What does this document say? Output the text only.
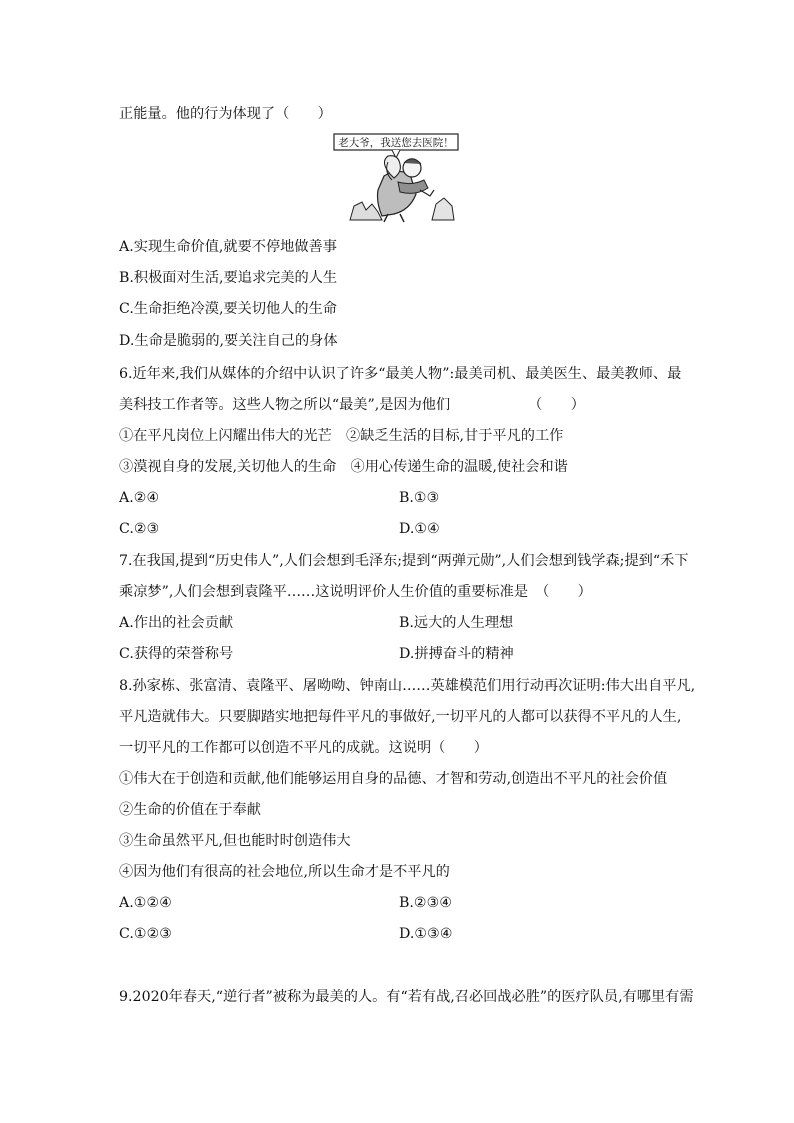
正能量。他的行为体现了（　　）
老大爷，我送您去医院！
A.实现生命价值,就要不停地做善事
B.积极面对生活,要追求完美的人生
C.生命拒绝冷漠,要关切他人的生命
D.生命是脆弱的,要关注自己的身体
6.近年来,我们从媒体的介绍中认识了许多“最美人物”:最美司机、最美医生、最美教师、最
美科技工作者等。这些人物之所以“最美”,是因为他们　　　　　　（　　）
①在平凡岗位上闪耀出伟大的光芒　②缺乏生活的目标,甘于平凡的工作
③漠视自身的发展,关切他人的生命　④用心传递生命的温暖,使社会和谐
A.②④	B.①③
C.②③	D.①④
7.在我国,提到“历史伟人”,人们会想到毛泽东;提到“两弹元勋”,人们会想到钱学森;提到“禾下
乘凉梦”,人们会想到袁隆平……这说明评价人生价值的重要标准是　（　　）
A.作出的社会贡献	B.远大的人生理想
C.获得的荣誉称号	D.拼搏奋斗的精神
8.孙家栋、张富清、袁隆平、屠呦呦、钟南山……英雄模范们用行动再次证明:伟大出自平凡,
平凡造就伟大。只要脚踏实地把每件平凡的事做好,一切平凡的人都可以获得不平凡的人生,
一切平凡的工作都可以创造不平凡的成就。这说明（　　）
①伟大在于创造和贡献,他们能够运用自身的品德、才智和劳动,创造出不平凡的社会价值
②生命的价值在于奉献
③生命虽然平凡,但也能时时创造伟大
④因为他们有很高的社会地位,所以生命才是不平凡的
A.①②④	B.②③④
C.①②③	D.①③④
9.2020年春天,“逆行者”被称为最美的人。有“若有战,召必回战必胜”的医疗队员,有哪里有需
